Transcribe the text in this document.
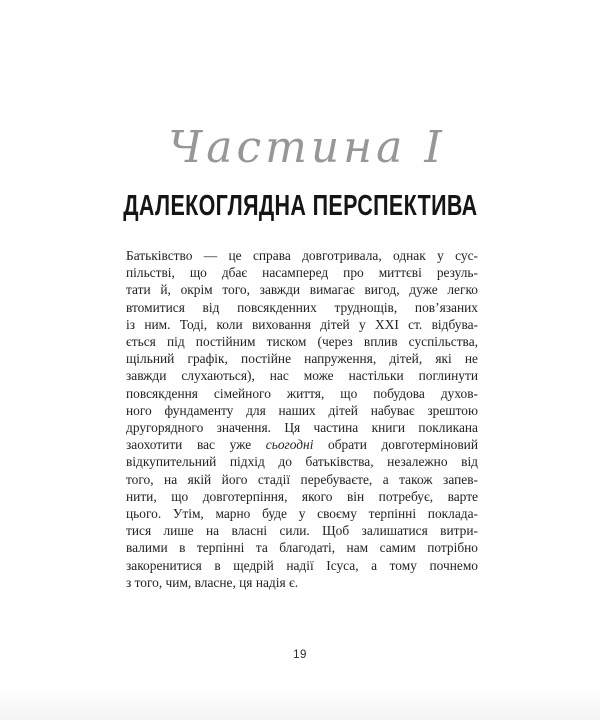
Частина I
ДАЛЕКОГЛЯДНА ПЕРСПЕКТИВА
Батьківство — це справа довготривала, однак у сус-
пільстві, що дбає насамперед про миттєві резуль-
тати й, окрім того, завжди вимагає вигод, дуже легко
втомитися від повсякденних труднощів, пов’язаних
із ним. Тоді, коли виховання дітей у XXI ст. відбува-
ється під постійним тиском (через вплив суспільства,
щільний графік, постійне напруження, дітей, які не
завжди слухаються), нас може настільки поглинути
повсякдення сімейного життя, що побудова духов-
ного фундаменту для наших дітей набуває зрештою
другорядного значення. Ця частина книги покликана
заохотити вас уже сьогодні обрати довготерміновий
відкупительний підхід до батьківства, незалежно від
того, на якій його стадії перебуваєте, а також запев-
нити, що довготерпіння, якого він потребує, варте
цього. Утім, марно буде у своєму терпінні поклада-
тися лише на власні сили. Щоб залишатися витри-
валими в терпінні та благодаті, нам самим потрібно
закоренитися в щедрій надії Ісуса, а тому почнемо
з того, чим, власне, ця надія є.
19
